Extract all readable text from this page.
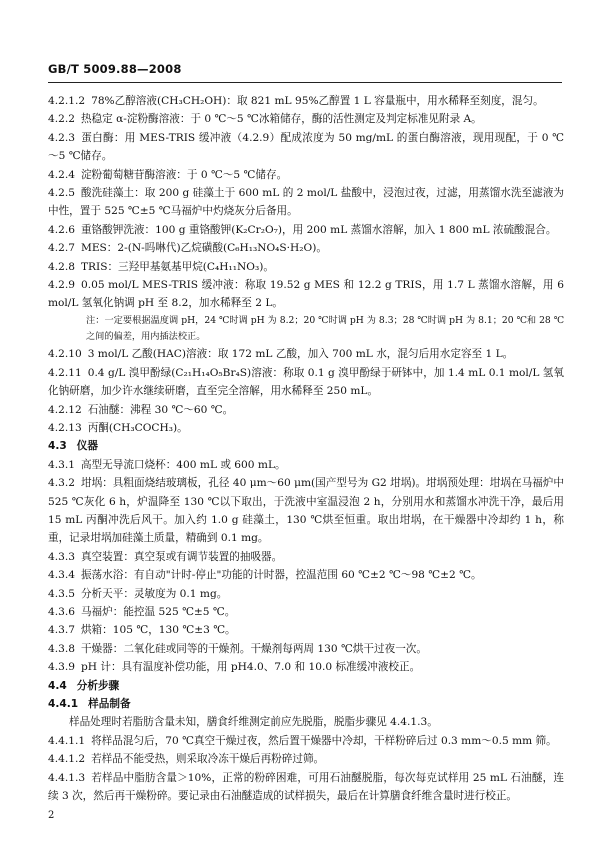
GB/T 5009.88—2008

4.2.1.2 78%乙醇溶液(CH₃CH₂OH)：取 821 mL 95%乙醇置 1 L 容量瓶中，用水稀释至刻度，混匀。

4.2.2 热稳定 α-淀粉酶溶液：于 0 ℃～5 ℃冰箱储存，酶的活性测定及判定标准见附录 A。

4.2.3 蛋白酶：用 MES-TRIS 缓冲液（4.2.9）配成浓度为 50 mg/mL 的蛋白酶溶液，现用现配，于 0 ℃～5 ℃储存。

4.2.4 淀粉葡萄糖苷酶溶液：于 0 ℃～5 ℃储存。

4.2.5 酸洗硅藻土：取 200 g 硅藻土于 600 mL 的 2 mol/L 盐酸中，浸泡过夜，过滤，用蒸馏水洗至滤液为中性，置于 525 ℃±5 ℃马福炉中灼烧灰分后备用。

4.2.6 重铬酸钾洗液：100 g 重铬酸钾(K₂Cr₂O₇)，用 200 mL 蒸馏水溶解，加入 1 800 mL 浓硫酸混合。

4.2.7 MES：2-(N-吗啉代)乙烷磺酸(C₆H₁₃NO₄S·H₂O)。

4.2.8 TRIS：三羟甲基氨基甲烷(C₄H₁₁NO₃)。

4.2.9 0.05 mol/L MES-TRIS 缓冲液：称取 19.52 g MES 和 12.2 g TRIS，用 1.7 L 蒸馏水溶解，用 6 mol/L 氢氧化钠调 pH 至 8.2，加水稀释至 2 L。

注：一定要根据温度调 pH，24 ℃时调 pH 为 8.2；20 ℃时调 pH 为 8.3；28 ℃时调 pH 为 8.1；20 ℃和 28 ℃之间的偏差，用内插法校正。

4.2.10 3 mol/L 乙酸(HAC)溶液：取 172 mL 乙酸，加入 700 mL 水，混匀后用水定容至 1 L。

4.2.11 0.4 g/L 溴甲酚绿(C₂₁H₁₄O₅Br₄S)溶液：称取 0.1 g 溴甲酚绿于研钵中，加 1.4 mL 0.1 mol/L 氢氧化钠研磨，加少许水继续研磨，直至完全溶解，用水稀释至 250 mL。

4.2.12 石油醚：沸程 30 ℃～60 ℃。

4.2.13 丙酮(CH₃COCH₃)。

4.3 仪器

4.3.1 高型无导流口烧杯：400 mL 或 600 mL。

4.3.2 坩埚：具粗面烧结玻璃板，孔径 40 μm～60 μm(国产型号为 G2 坩埚)。坩埚预处理：坩埚在马福炉中 525 ℃灰化 6 h，炉温降至 130 ℃以下取出，于洗液中室温浸泡 2 h，分别用水和蒸馏水冲洗干净，最后用 15 mL 丙酮冲洗后风干。加入约 1.0 g 硅藻土，130 ℃烘至恒重。取出坩埚，在干燥器中冷却约 1 h，称重，记录坩埚加硅藻土质量，精确到 0.1 mg。

4.3.3 真空装置：真空泵或有调节装置的抽吸器。

4.3.4 振荡水浴：有自动"计时-停止"功能的计时器，控温范围 60 ℃±2 ℃～98 ℃±2 ℃。

4.3.5 分析天平：灵敏度为 0.1 mg。

4.3.6 马福炉：能控温 525 ℃±5 ℃。

4.3.7 烘箱：105 ℃，130 ℃±3 ℃。

4.3.8 干燥器：二氧化硅或同等的干燥剂。干燥剂每两周 130 ℃烘干过夜一次。

4.3.9 pH 计：具有温度补偿功能，用 pH4.0、7.0 和 10.0 标准缓冲液校正。

4.4 分析步骤

4.4.1 样品制备

样品处理时若脂肪含量未知，膳食纤维测定前应先脱脂，脱脂步骤见 4.4.1.3。

4.4.1.1 将样品混匀后，70 ℃真空干燥过夜，然后置干燥器中冷却，干样粉碎后过 0.3 mm～0.5 mm 筛。

4.4.1.2 若样品不能受热，则采取冷冻干燥后再粉碎过筛。

4.4.1.3 若样品中脂肪含量＞10%，正常的粉碎困难，可用石油醚脱脂，每次每克试样用 25 mL 石油醚，连续 3 次，然后再干燥粉碎。要记录由石油醚造成的试样损失，最后在计算膳食纤维含量时进行校正。

2
